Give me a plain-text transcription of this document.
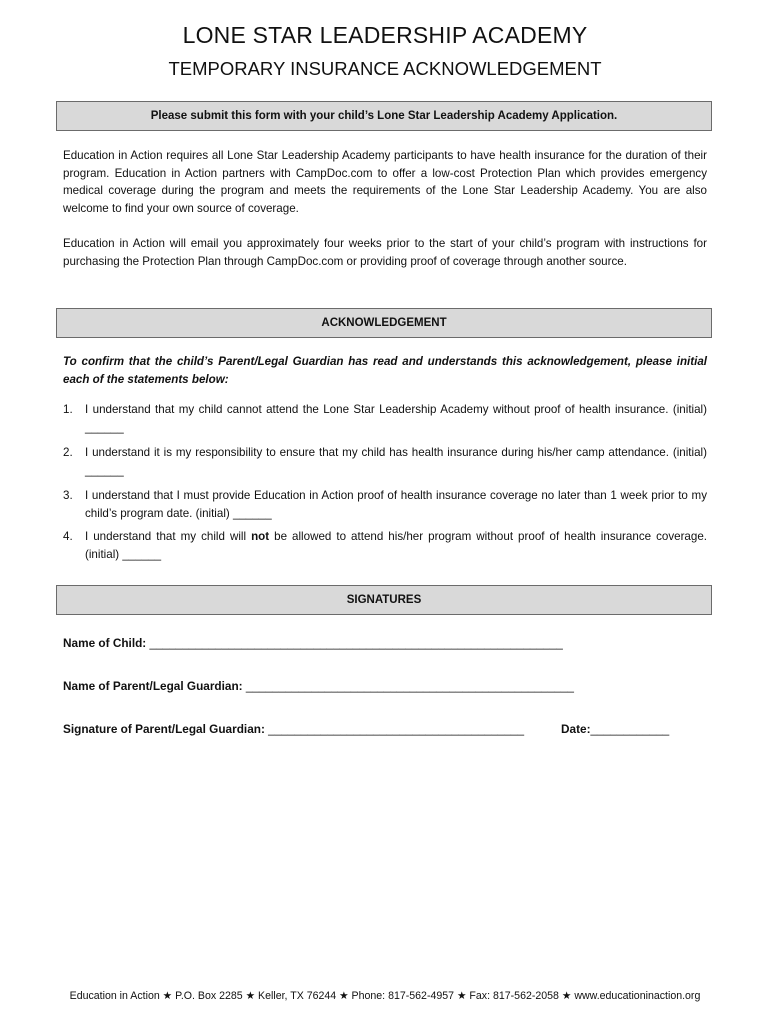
LONE STAR LEADERSHIP ACADEMY
TEMPORARY INSURANCE ACKNOWLEDGEMENT
Please submit this form with your child’s Lone Star Leadership Academy Application.

Education in Action requires all Lone Star Leadership Academy participants to have health insurance for the duration of their program. Education in Action partners with CampDoc.com to offer a low-cost Protection Plan which provides emergency medical coverage during the program and meets the requirements of the Lone Star Leadership Academy. You are also welcome to find your own source of coverage.

Education in Action will email you approximately four weeks prior to the start of your child’s program with instructions for purchasing the Protection Plan through CampDoc.com or providing proof of coverage through another source.

ACKNOWLEDGEMENT

To confirm that the child’s Parent/Legal Guardian has read and understands this acknowledgement, please initial each of the statements below:

1. I understand that my child cannot attend the Lone Star Leadership Academy without proof of health insurance. (initial) ______
2. I understand it is my responsibility to ensure that my child has health insurance during his/her camp attendance. (initial) ______
3. I understand that I must provide Education in Action proof of health insurance coverage no later than 1 week prior to my child’s program date. (initial) ______
4. I understand that my child will not be allowed to attend his/her program without proof of health insurance coverage. (initial) ______
SIGNATURES
Name of Child: _______________________________________________________________
Name of Parent/Legal Guardian: __________________________________________________
Signature of Parent/Legal Guardian: _______________________________________	Date:____________
Education in Action ★ P.O. Box 2285 ★ Keller, TX 76244 ★ Phone: 817-562-4957 ★ Fax: 817-562-2058 ★ www.educationinaction.org
